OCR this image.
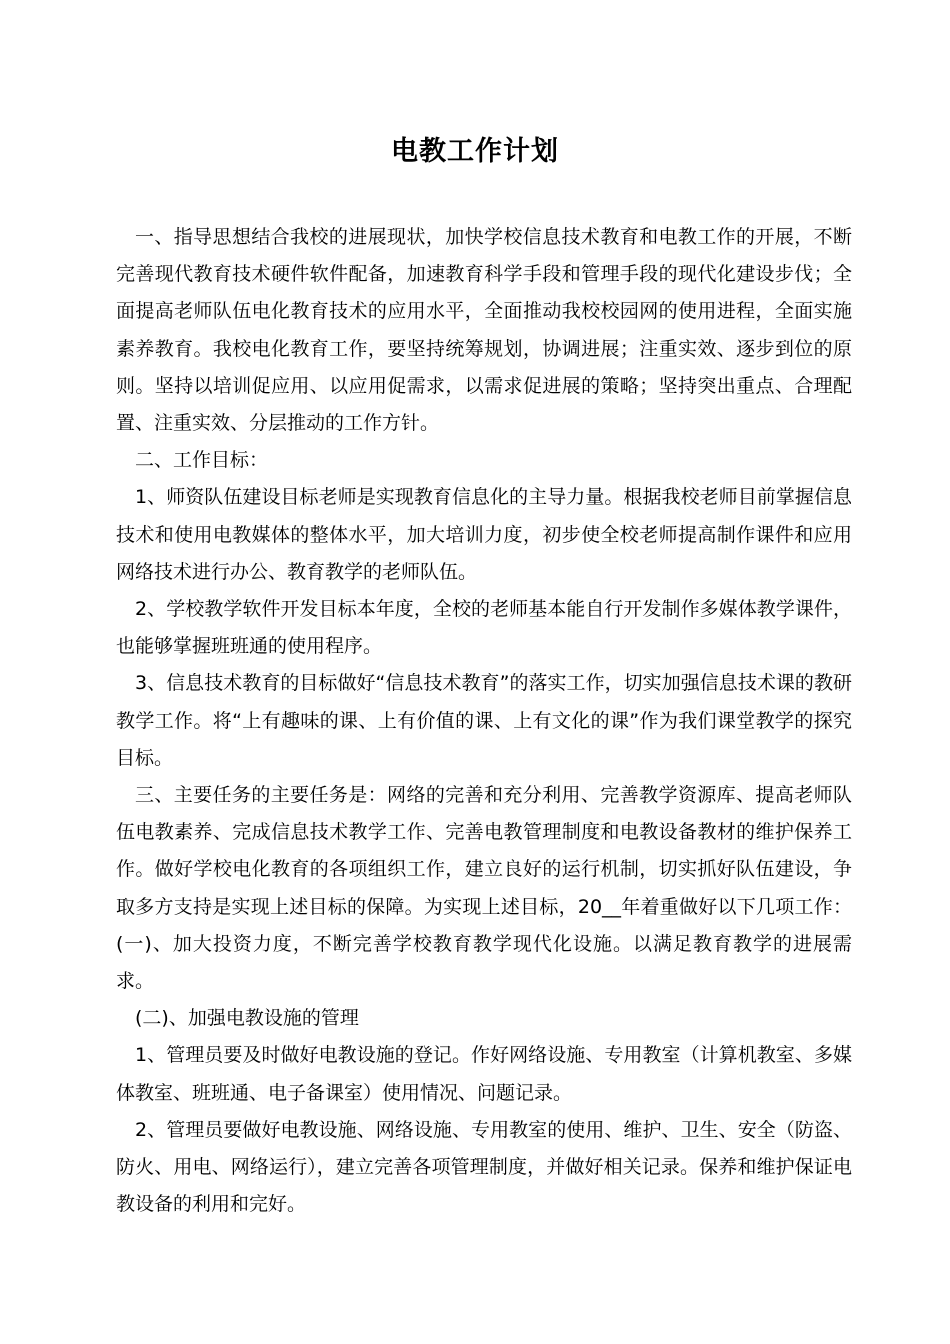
电教工作计划

一、指导思想结合我校的进展现状，加快学校信息技术教育和电教工作的开展，不断完善现代教育技术硬件软件配备，加速教育科学手段和管理手段的现代化建设步伐；全面提高老师队伍电化教育技术的应用水平，全面推动我校校园网的使用进程，全面实施素养教育。我校电化教育工作，要坚持统筹规划，协调进展；注重实效、逐步到位的原则。坚持以培训促应用、以应用促需求，以需求促进展的策略；坚持突出重点、合理配置、注重实效、分层推动的工作方针。

二、工作目标：

1、师资队伍建设目标老师是实现教育信息化的主导力量。根据我校老师目前掌握信息技术和使用电教媒体的整体水平，加大培训力度，初步使全校老师提高制作课件和应用网络技术进行办公、教育教学的老师队伍。

2、学校教学软件开发目标本年度，全校的老师基本能自行开发制作多媒体教学课件，也能够掌握班班通的使用程序。

3、信息技术教育的目标做好“信息技术教育”的落实工作，切实加强信息技术课的教研教学工作。将“上有趣味的课、上有价值的课、上有文化的课”作为我们课堂教学的探究目标。

三、主要任务的主要任务是：网络的完善和充分利用、完善教学资源库、提高老师队伍电教素养、完成信息技术教学工作、完善电教管理制度和电教设备教材的维护保养工作。做好学校电化教育的各项组织工作，建立良好的运行机制，切实抓好队伍建设，争取多方支持是实现上述目标的保障。为实现上述目标，20__年着重做好以下几项工作：(一)、加大投资力度，不断完善学校教育教学现代化设施。以满足教育教学的进展需求。

(二)、加强电教设施的管理

1、管理员要及时做好电教设施的登记。作好网络设施、专用教室（计算机教室、多媒体教室、班班通、电子备课室）使用情况、问题记录。

2、管理员要做好电教设施、网络设施、专用教室的使用、维护、卫生、安全（防盗、防火、用电、网络运行），建立完善各项管理制度，并做好相关记录。保养和维护保证电教设备的利用和完好。
